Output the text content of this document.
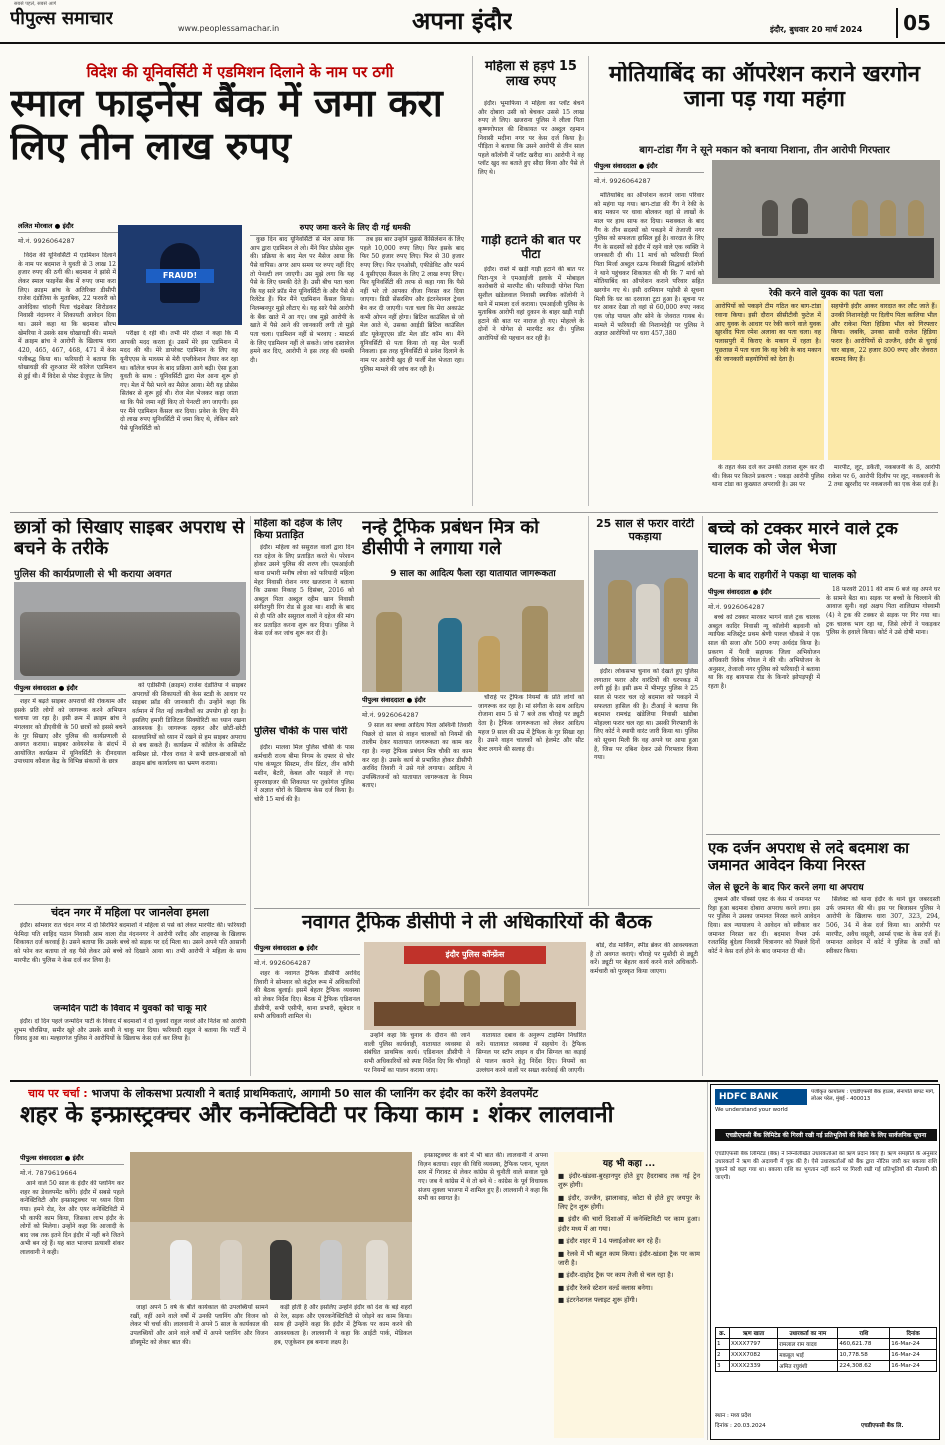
पीपुल्स समाचार
सबसे पहले, सबसे आगे
www.peoplessamachar.in	अपना इंदौर	इंदौर, बुधवार 20 मार्च 2024	05
विदेश की यूनिवर्सिटी में एडमिशन दिलाने के नाम पर ठगी
स्माल फाइनेंस बैंक में जमा करा लिए तीन लाख रुपए
ललित मोरवाल ● इंदौर
मो.नं. 9926064287
FRAUD!
रुपए जमा करने के लिए दी गई धमकी

विदेश की यूनिवर्सिटी में एडमिशन दिलाने के नाम पर बदमाश ने युवती से 3 लाख 12 हजार रुपए की ठगी की। बदमाश ने झांसे में लेकर स्माल फाइनेंस बैंक में रुपए जमा करा लिए। क्राइम ब्रांच के अतिरिक्त डीसीपी राजेश दंडोतिया के मुताबिक, 22 फरवरी को आवेदिका चांदनी पिता चंद्रशेखर शिरोडकर निवासी नंदानगर ने शिकायती आवेदन दिया था। उसने कहा था कि बदमाश सौरभ खेमरिया ने उसके साथ धोखाधड़ी की। मामले में क्राइम ब्रांच ने आरोपी के खिलाफ धारा 420, 465, 467, 468, 471 में केस पंजीबद्ध किया था। फरियादी ने बताया कि धोखाधड़ी की शुरुआत मेरे कॉलेज एडमिशन से हुई थी। मैं विदेश से पोस्ट ग्रेजुएट के लिए

परीक्षा दे रही थी। तभी मेरे दोस्त ने कहा कि मैं आपकी मदद करता हूं। उसमें मेरे इस एडमिशन में मदद की थी। मेरे डायरेक्ट एडमिशन के लिए वह यूनीएएस के माध्यम से मेरी एप्लीकेशन तैयार कर रहा था। कॉलेज चयन के बाद प्रक्रिया आगे बढ़ी। ऐसा हुआ युवती के साथ : यूनिवर्सिटी द्वारा मेल आना शुरू हो गए। मेल में पैसे भरने का मैसेज आया। मेरी यह प्रोसेस सितंबर से शुरू हुई थी। रोज मेल भेजकर कहा जाता था कि पैसे जमा नहीं किए तो पेनल्टी लग जाएगी। इस पर मैंने एडमिशन कैंसल कर दिया। प्रवेश के लिए मैंने दो लाख रुपए यूनिवर्सिटी में जमा किए थे, लेकिन सारे पैसे यूनिवर्सिटी को

कुछ दिन बाद यूनिवर्सिटी से मेल आया कि आप द्वारा एडमिशन ले लो। मैंने फिर प्रोसेस शुरू की। प्रक्रिया के बाद मेल पर मैसेज आया कि पैसे वापिस। अगर आप समय पर रुपए नहीं दिए तो पेनल्टी लग जाएगी। उस मुझे लगा कि यह पैसे के लिए धमकी देते हैं। उसी बीच पता चला कि यह सारे फ्रॉड मेरा यूनिवर्सिटी के और पैसे से रिलेटेड हैं। फिर मैंने एडमिशन कैंसल किया। निलम्बनपुर मुझे लौटाए थे। यह सारे पैसे आरोपी के बैंक खाते में आ गए। जब मुझे आरोपी के खाते में पैसे आने की जानकारी लगी तो मुझे पता चला। एडमिशन नहीं से भरवाए : मास्टर्स के लिए एडमिशन नहीं ले सकते। जांच दस्तावेज हमने कर दिए, आरोपी ने इस तरह की धमकी दी।

तब इस बार उन्होंने मुझसे कैंसिलेशन के लिए पहले 10,000 रुपए लिए। फिर इसके बाद फिर 50 हजार रुपए लिए। फिर से 30 हजार रुपए लिए। फिर एनओसी, एफीडेविट और फार्म 4 यूसीएएस कैंसल के लिए 2 लाख रुपए लिए। फिर यूनिवर्सिटी की तरफ से कहा गया कि पैसे नहीं भरे तो आपका वीजा निरस्त कर दिया जाएगा। डिग्री सेंसरशिप और इंटरनेशनल ट्रेवल बैन कर दी जाएगी। पता चला कि मेरा अकाउंट कभी ओपन नहीं होगा। ब्रिटिश काउंसिल से जो मेल आते थे, उसका आईडी ब्रिटिश काउंसिल डॉट यूकेयूएएस डॉट मेल डॉट कॉम था। मैंने यूनिवर्सिटी से पता किया तो यह मेल फर्जी निकला। इस तरह यूनिवर्सिटी से प्रवेश दिलाने के नाम पर आरोपी खुद ही फर्जी मेल भेजता रहा। पुलिस मामले की जांच कर रही है।

महिला से हड़पे 15 लाख रुपए

इंदौर। भूमाफिया ने महिला का प्लॉट बेचने और दोबारा उसी को बेचकर उससे 15 लाख रुपए ले लिए। खजराना पुलिस ने लीला पिता कृष्णगोपाल की शिकायत पर अब्दुल रहमान निवासी मदीना नगर पर केस दर्ज किया है। पीड़िता ने बताया कि उसने आरोपी से तीन साल पहले कॉलोनी में प्लॉट खरीदा था। आरोपी ने वह प्लॉट खुद का बताते हुए सौदा किया और पैसे ले लिए थे।

गाड़ी हटाने की बात पर पीटा

इंदौर। रास्ते में खड़ी गाड़ी हटाने की बात पर पिता-पुत्र ने एमआईजी इलाके में मोबाइल कारोबारी से मारपीट की। फरियादी योगेश पिता सुशील खंडेलवाल निवासी स्थायिक कॉलोनी ने थाने में मामला दर्ज कराया। एमआईजी पुलिस के मुताबिक आरोपी वहां दुकान के बाहर खड़ी गाड़ी हटाने की बात पर नाराज हो गए। मोहल्ले के दोनों ने योगेश से मारपीट कर दी। पुलिस आरोपियों की पहचान कर रही है।

मोतियाबिंद का ऑपरेशन कराने खरगोन जाना पड़ गया महंगा
बाग-टांडा गैंग ने सूने मकान को बनाया निशाना, तीन आरोपी गिरफ्तार
पीपुल्स संवाददाता ● इंदौर
मो.नं. 9926064287

मोतियाबिंद का ऑपरेशन कराने जाना परिवार को महंगा पड़ गया। बाग-टांडा की गैंग ने रेकी के बाद मकान पर धावा बोलकर वहां से लाखों के माल पर हाथ साफ कर दिया। मशक्कत के बाद गैंग के तीन सदस्यों को पकड़ने में तेजाजी नगर पुलिस को सफलता हासिल हुई है। वारदात के लिए गैंग के सदस्यों को इंदौर में रहने वाले एक व्यक्ति ने जानकारी दी थी। 11 मार्च को फरियादी मिर्जा पिता मिर्जा अब्दुल रऊफ निवासी सिद्धार्थ कॉलोनी ने थाने पहुंचकर शिकायत की थी कि 7 मार्च को मोतियाबिंद का ऑपरेशन कराने परिवार सहित खरगोन गए थे। इसी दरमियान पड़ोसी से सूचना मिली कि घर का दरवाजा टूटा हुआ है। सूचना पर घर आकर देखा तो वहां से 60,000 रुपए नकद एक जोड़ पायल और सोने के जेवरात गायब थे। मामले में फरियादी की निशानदेही पर पुलिस ने अज्ञात आरोपियों पर धारा 457,380

रेकी करने वाले युवक का पता चला
आरोपियों को पकड़ने टीम गठित कर बाग-टांडा रवाना किया। इसी दौरान सीसीटीवी फुटेज में आए युवक के आधार पर रेकी करने वाले युवक खुरशीद पिता रमेश अलावा का पता चला। वह पलासपुरी में किराए के मकान में रहता है। पूछताछ में पता चला कि वह रेकी के बाद मकान की जानकारी सहयोगियों को देता है।
सहयोगी इंदौर आकर वारदात कर लौट जाते हैं। उनकी निशानदेही पर दिलीप पिता कालिया भील और राकेश पिता हिडिया भील को गिरफ्तार किया। जबकि, उनका साथी राजेश हिडिया फरार है। आरोपियों से उज्जैन, इंदौर से चुराई चार बाइक, 22 हजार 800 रुपए और जेवरात बरामद किए हैं।

के तहत केस दर्ज कर उनकी तलाश शुरू कर दी थी। किस पर कितने प्रकरण : पकड़ा आरोपी पुलिस थाना टांडा का कुख्यात अपराधी है। उस पर

मारपीट, लूट, डकैती, नकबजनी के 8, आरोपी राकेश पर 6, आरोपी दिलीप पर लूट, नकबजनी के 2 तथा खुरशीद पर नकबजनी का एक केस दर्ज है।

छात्रों को सिखाए साइबर अपराध से बचने के तरीके
पुलिस की कार्यप्रणाली से भी कराया अवगत
पीपुल्स संवाददाता ● इंदौर

शहर में बढ़ते साइबर अपराधों की रोकथाम और इसके प्रति लोगों को जागरूक करने अभियान चलाया जा रहा है। इसी क्रम में क्राइम ब्रांच ने मंगलवार को डीएवीवी के 50 छात्रों को इससे बचने के गुर सिखाए और पुलिस की कार्यप्रणाली से अवगत कराया। साइबर अवेयरनेस के संदर्भ में आयोजित कार्यक्रम में यूनिवर्सिटी के दीनदयाल उपाध्याय कौशल केंद्र के विभिन्न संकायों के छात्र

को एडीसीपी (क्राइम) राजेश दंडोतिया ने साइबर अपराधों की शिकायतों की केस स्टडी के आधार पर साइबर फ्रॉड की जानकारी दी। उन्होंने कहा कि वर्तमान में नित नई तकनीकों का उपयोग हो रहा है। इसलिए हमारी डिजिटल सिक्योरिटी का ध्यान रखना आवश्यक है। जागरूक रहकर और छोटी-छोटी सावधानियों को ध्यान में रखने से हम साइबर अपराध से बच सकते हैं। कार्यक्रम में कॉलेज के असिस्टेंट कमिश्नर प्रो. गौरव रावत ने सभी छात्र-छात्राओं को क्राइम ब्रांच कार्यालय का भ्रमण कराया।

चंदन नगर में महिला पर जानलेवा हमला

इंदौर। सोमवार रात चंदन नगर में दो सिरफिरे बदमाशों ने महिला से पर्स को लेकर मारपीट की। फरियादी फेमिदा पति शाहिद पठान निवासी आम वाला रोड नंदननगर ने आरोपी रशीद और शाहरुख के खिलाफ शिकायत दर्ज करवाई है। उसने बताया कि उसके बच्चे को सड़क पर दर्द मिला था। उसने अपने पति आसानी को फोन कर बताया तो वह पैसे लेकर उसे बच्चे को दिखाने आया था। तभी आरोपी ने महिला के साथ मारपीट की। पुलिस ने केस दर्ज कर लिया है।

जन्मदिन पार्टी के विवाद में युवकों को चाकू मारे

इंदौर। दो दिन पहले जन्मदिन पार्टी के विवाद में बदमाशों ने दो युवकों राहुल नरवरे और नितेश को आरोपी शुभम चौरसिया, समीर खुरे और उसके साथी ने चाकू मार दिया। फरियादी राहुल ने बताया कि पार्टी में विवाद हुआ था। मल्हारगंज पुलिस ने आरोपियों के खिलाफ केस दर्ज कर लिया है।

महिला को दहेज के लिए किया प्रताड़ित

इंदौर। महिला को ससुराल वालों द्वारा दिन रात दहेज के लिए प्रताड़ित करते थे। परेशान होकर उसने पुलिस की शरण ली। एमआईजी थाना प्रभारी मनीष लोधा को फरियादी महिला मेहर निवासी रोशन नगर खजराना ने बताया कि उसका निकाह 5 दिसंबर, 2016 को अब्दुल पिता अब्दुल रहीम खान निवासी संगीतपुरी रिंग रोड से हुआ था। शादी के बाद से ही पति और ससुराल वालों ने दहेज की मांग कर प्रताड़ित करना शुरू कर दिया। पुलिस ने केस दर्ज कर जांच शुरू कर दी है।

पुलिस चौकी के पास चोरी

इंदौर। मालवा मिल पुलिस चौकी के पास कर्मचारी राज्य बीमा निगम के दफ्तर से चोर पांच कंप्यूटर सिस्टम, तीन प्रिंटर, तीन कॉपी मशीन, बैटरी, केबल और फाइलें ले गए। सुपरवाइजर की शिकायत पर तुकोगंज पुलिस ने अज्ञात चोरों के खिलाफ केस दर्ज किया है। चोरी 15 मार्च की है।

नन्हे ट्रैफिक प्रबंधन मित्र को डीसीपी ने लगाया गले
9 साल का आदित्य फैला रहा यातायात जागरूकता
पीपुल्स संवाददाता ● इंदौर
मो.नं. 9926064287

9 साल का बच्चा आदित्य पिता अश्विनी तिवारी पिछले दो साल से वाहन चालकों को नियमों की तालीम देकर यातायात जागरूकता का काम कर रहा है। नन्हा ट्रैफिक प्रबंधन मित्र चौकी का काम कर रहा है। उसके कार्य से प्रभावित होकर डीसीपी अरविंद तिवारी ने उसे गले लगाया। आदित्य ने उपस्थितजनों को यातायात जागरूकता के नियम बताए।

चौराहे पर ट्रैफिक नियमों के प्रति लोगों को जागरूक कर रहा है। मां संगीता के साथ आदित्य रोजाना शाम 5 से 7 बजे तक चौराहे पर ड्यूटी देता है। ट्रैफिक जागरूकता को लेकर आदित्य महज 9 साल की उम्र में ट्रैफिक के गुर सिखा रहा है। उसने वाहन चालकों को हेलमेट और सीट बेल्ट लगाने की सलाह दी।

25 साल से फरार वारंटी पकड़ाया

इंदौर। लोकसभा चुनाव को देखते हुए पुलिस लगातार फरार और वारंटियों की धरपकड़ में लगी हुई है। इसी क्रम में भीमपुर पुलिस ने 25 साल से फरार चल रहे बदमाश को पकड़ने में सफलता हासिल की है। टीआई ने बताया कि बदमाश रामचंद्र खंडेलिया निवासी खंडोबा मोहल्ला फरार चल रहा था। उसकी गिरफ्तारी के लिए कोर्ट ने स्थायी वारंट जारी किया था। पुलिस को सूचना मिली कि वह अपने घर आया हुआ है, जिस पर दबिश देकर उसे गिरफ्तार किया गया।

बच्चे को टक्कर मारने वाले ट्रक चालक को जेल भेजा
घटना के बाद राहगीरों ने पकड़ा था चालक को
पीपुल्स संवाददाता ● इंदौर
मो.नं. 9926064287

बच्चे को टक्कर मारकर भागने वाले ट्रक चालक अब्दुल कादिर निवासी न्यू कॉलोनी बड़वानी को न्यायिक मजिस्ट्रेट प्रथम श्रेणी पारुल चौकसे ने एक साल की सजा और 500 रुपए अर्थदंड किया है। प्रकरण में पैरवी सहायक जिला अभियोजन अधिकारी विवेक गोयल ने की थी। अभियोजन के अनुसार, तेजाजी नगर पुलिस को फरियादी ने बताया था कि वह बायपास रोड के किनारे झोपड़पट्टी में रहता है।

18 फरवरी 2011 की शाम 6 बजे वह अपने घर के सामने बैठा था। सड़क पर बच्चों के चिल्लाने की आवाज सुनी। वहां अक्षय पिता शालिग्राम गोस्वामी (4) ने ट्रक की टक्कर से सड़क पर गिर गया था। ट्रक चालक भाग रहा था, जिसे लोगों ने पकड़कर पुलिस के हवाले किया। कोर्ट ने उसे दोषी माना।

एक दर्जन अपराध से लदे बदमाश का जमानत आवेदन किया निरस्त
जेल से छूटने के बाद फिर करने लगा था अपराध

दुष्कर्म और पॉक्सो एक्ट के केस में जमानत पर रिहा हुआ बदमाश दोबारा अपराध करने लगा। इस पर पुलिस ने उसका जमानत निरस्त करने आवेदन दिया। सत्र न्यायालय ने आवेदन को स्वीकार कर जमानत निरस्त कर दी। बदमाश वैभव उर्फ रजतसिंह बुंदेला निवासी चित्रानगर को पिछले दिनों कोर्ट ने केस दर्ज होने के बाद जमानत दी थी।

सिलेक्ट को थाना इंदौर के थाने ध्रुव जबरदस्ती उर्फ जमानत की थी। इस पर बिजासन पुलिस ने आरोपी के खिलाफ धारा 307, 323, 294, 506, 34 में केस दर्ज किया था। आरोपी पर मारपीट, अवैध वसूली, आर्म्स एक्ट के केस दर्ज हैं। जमानत आवेदन में कोर्ट ने पुलिस के तर्कों को स्वीकार किया।

नवागत ट्रैफिक डीसीपी ने ली अधिकारियों की बैठक
पीपुल्स संवाददाता ● इंदौर
मो.नं. 9926064287

शहर के नवागत ट्रैफिक डीसीपी अरविंद तिवारी ने सोमवार को कंट्रोल रूम में अधिकारियों की बैठक बुलाई। इसमें बेहतर ट्रैफिक व्यवस्था को लेकर निर्देश दिए। बैठक में ट्रैफिक एडिशनल डीसीपी, सभी एसीपी, थाना प्रभारी, सूबेदार व सभी अधिकारी शामिल थे।

इंदौर पुलिस कॉन्फ्रेंस

उन्होंने कहा कि चुनाव के दौरान की जाने वाली पुलिस कार्यवाही, यातायात व्यवस्था से संबंधित प्राथमिक कार्य। एडिशनल डीसीपी ने सभी अधिकारियों को स्पष्ट निर्देश दिए कि चौराहों पर नियमों का पालन कराया जाए।

यातायात दबाव के अनुरूप टाइमिंग निर्धारित करें। यातायात व्यवस्था में सहयोग दें। ट्रैफिक सिग्नल पर स्टॉप लाइन व ग्रीन सिग्नल का कड़ाई से पालन कराने हेतु निर्देश दिए। नियमों का उल्लंघन करने वालों पर सख्त कार्रवाई की जाएगी।

बोर्ड, रोड मार्किंग, स्पीड ब्रेकर की आवश्यकता है तो अवगत कराएं। चौराहे पर मुस्तैदी से ड्यूटी करें। ड्यूटी पर बेहतर कार्य करने वाले अधिकारी-कर्मचारी को पुरस्कृत किया जाएगा।

चाय पर चर्चा : भाजपा के लोकसभा प्रत्याशी ने बताई प्राथमिकताएं, आगामी 50 साल की प्लानिंग कर इंदौर का करेंगे डेवलपमेंट
शहर के इन्फ्रास्ट्रक्चर और कनेक्टिविटी पर किया काम : शंकर लालवानी
पीपुल्स संवाददाता ● इंदौर
मो.नं. 7879619664

आने वाले 50 साल के इंदौर की प्लानिंग कर शहर का डेवलपमेंट करेंगे। इंदौर में सबसे पहले कनेक्टिविटी और इन्फ्रास्ट्रक्चर पर ध्यान दिया गया। हमने रोड, रेल और एयर कनेक्टिविटी में भी काफी काम किया, जिसका लाभ इंदौर के लोगों को मिलेगा। उन्होंने कहा कि आजादी के बाद जब तक इतने दिन इंदौर में नहीं बने जितने अभी बन रहे हैं। यह बात भाजपा प्रत्याशी शंकर लालवानी ने कही।

जाहां अपने 5 वर्ष के बीते कार्यकाल की उपलब्धियों सामने रखीं, वहीं आने वाले वर्षों में उनकी प्लानिंग और विजन को लेकर भी चर्चा की। लालवानी ने अपने 5 साल के कार्यकाल की उपलब्धियों और आने वाले वर्षों में अपने प्लानिंग और विजन डॉक्यूमेंट को लेकर बात की।

कड़ी होती है और इसलिए उन्होंने इंदौर को देश के बड़े शहरों से रेल, सड़क और एयरकनेक्टिविटी से जोड़ने का काम किया। साथ ही उन्होंने कहा कि इंदौर में ट्रैफिक पर काम करने की आवश्यकता है। लालवानी ने कहा कि आईटी पार्क, मेडिकल हब, एजुकेशन हब बनाना लक्ष्य है।

इन्फ्रास्ट्रक्चर के बारे में भी बात की। लालवानी ने अपना विज़न बताया। शहर की विधि व्यवस्था, ट्रैफिक प्लान, भूजल स्तर में गिरावट से लेकर कांग्रेस से चुनौती वाले सवाल पूछे गए। जब ये कांग्रेस में थे तो बने थे : कांग्रेस के पूर्व विधायक संजय शुक्ला भाजपा में शामिल हुए हैं। लालवानी ने कहा कि सभी का स्वागत है।

यह भी कहा ...
■ इंदौर-खंडवा-बुरहानपुर होते हुए हैदराबाद तक नई ट्रेन शुरू होगी।
■ इंदौर, उज्जैन, झालावाड़, कोटा से होते हुए जयपुर के लिए ट्रेन शुरू होगी।
■ इंदौर की चारों दिशाओं में कनेक्टिविटी पर काम हुआ। इंदौर मध्य में आ गया।
■ इंदौर शहर में 14 फ्लाईओवर बन रहे हैं।
■ रेलवे में भी बहुत काम किया। इंदौर-खंडवा ट्रैक पर काम जारी है।
■ इंदौर-दाहोद ट्रैक पर काम तेजी से चल रहा है।
■ इंदौर रेलवे स्टेशन वर्ल्ड क्लास बनेगा।
■ इंटरनेशनल फ्लाइट शुरू होंगी।
HDFC BANK
We understand your world
पंजीकृत कार्यालय : एचडीएफसी बैंक हाउस, सेनापति बापट मार्ग, लोअर परेल, मुंबई - 400013
एचडीएफसी बैंक लिमिटेड की गिरवी रखी गई प्रतिभूतियों की बिक्री के लिए सार्वजनिक सूचना
एचडीएफसी बैंक लिमिटेड (बैंक) ने निम्नलिखित उधारकर्ताओं को ऋण प्रदान किए हैं। ऋण समझौते के अनुसार उधारकर्ता ने ऋण की अदायगी में चूक की है। ऐसे उधारकर्ताओं को बैंक द्वारा नोटिस जारी कर बकाया राशि चुकाने को कहा गया था। बकाया राशि का भुगतान नहीं करने पर गिरवी रखी गई प्रतिभूतियों की नीलामी की जाएगी।
क्र.	ऋण खाता	उधारकर्ता का नाम	राशि	दिनांक
1	XXXX7797	रामलाल राम यादव	460,621.78	16-Mar-24
2	XXXX7082	मकबूल भाई	10,778.58	16-Mar-24
3	XXXX2339	अमित रघुवंशी	224,308.62	16-Mar-24
स्थान : मध्य प्रदेश
दिनांक : 20.03.2024	एचडीएफसी बैंक लि.
